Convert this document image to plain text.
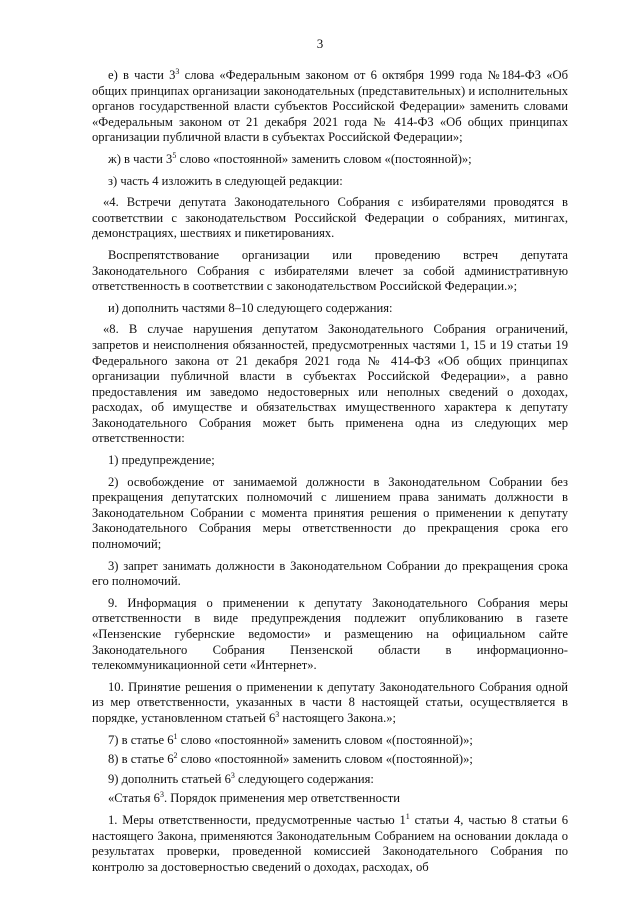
3

е) в части $3^3$ слова «Федеральным законом от 6 октября 1999 года №184-ФЗ «Об общих принципах организации законодательных (представительных) и исполнительных органов государственной власти субъектов Российской Федерации» заменить словами «Федеральным законом от 21 декабря 2021 года № 414-ФЗ «Об общих принципах организации публичной власти в субъектах Российской Федерации»;

ж) в части $3^5$ слово «постоянной» заменить словом «(постоянной)»;

з) часть 4 изложить в следующей редакции:

«4. Встречи депутата Законодательного Собрания с избирателями проводятся в соответствии с законодательством Российской Федерации о собраниях, митингах, демонстрациях, шествиях и пикетированиях.

Воспрепятствование организации или проведению встреч депутата Законодательного Собрания с избирателями влечет за собой административную ответственность в соответствии с законодательством Российской Федерации.»;

и) дополнить частями 8–10 следующего содержания:

«8. В случае нарушения депутатом Законодательного Собрания ограничений, запретов и неисполнения обязанностей, предусмотренных частями 1, 15 и 19 статьи 19 Федерального закона от 21 декабря 2021 года № 414-ФЗ «Об общих принципах организации публичной власти в субъектах Российской Федерации», а равно предоставления им заведомо недостоверных или неполных сведений о доходах, расходах, об имуществе и обязательствах имущественного характера к депутату Законодательного Собрания может быть применена одна из следующих мер ответственности:

1) предупреждение;

2) освобождение от занимаемой должности в Законодательном Собрании без прекращения депутатских полномочий с лишением права занимать должности в Законодательном Собрании с момента принятия решения о применении к депутату Законодательного Собрания меры ответственности до прекращения срока его полномочий;

3) запрет занимать должности в Законодательном Собрании до прекращения срока его полномочий.

9. Информация о применении к депутату Законодательного Собрания меры ответственности в виде предупреждения подлежит опубликованию в газете «Пензенские губернские ведомости» и размещению на официальном сайте Законодательного Собрания Пензенской области в информационно-телекоммуникационной сети «Интернет».

10. Принятие решения о применении к депутату Законодательного Собрания одной из мер ответственности, указанных в части 8 настоящей статьи, осуществляется в порядке, установленном статьей $6^3$ настоящего Закона.»;

7) в статье $6^1$ слово «постоянной» заменить словом «(постоянной)»;

8) в статье $6^2$ слово «постоянной» заменить словом «(постоянной)»;

9) дополнить статьей $6^3$ следующего содержания:

«Статья $6^3$. Порядок применения мер ответственности

1. Меры ответственности, предусмотренные частью $1^1$ статьи 4, частью 8 статьи 6 настоящего Закона, применяются Законодательным Собранием на основании доклада о результатах проверки, проведенной комиссией Законодательного Собрания по контролю за достоверностью сведений о доходах, расходах, об
